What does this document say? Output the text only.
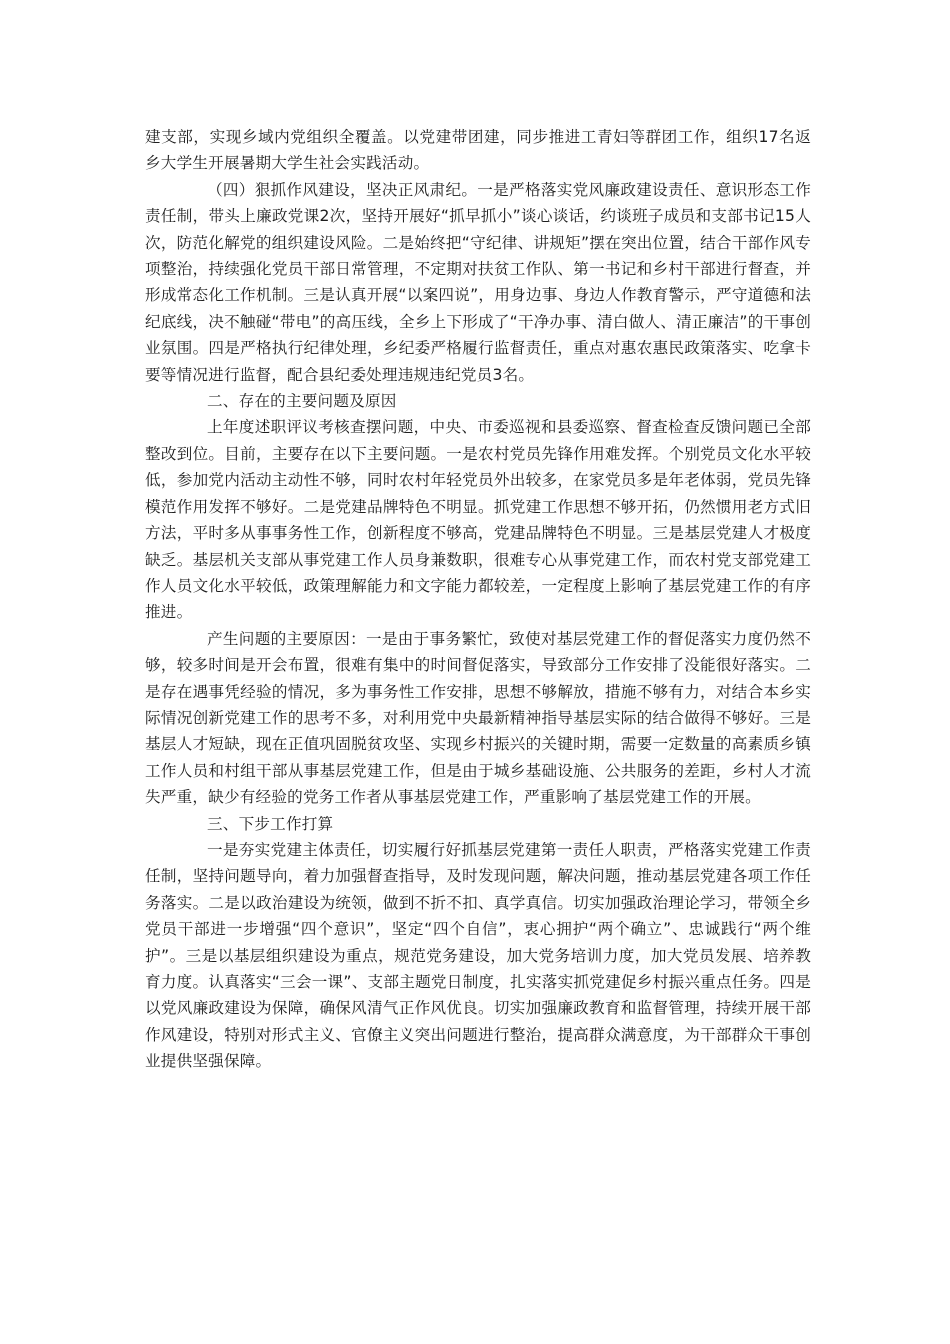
建支部，实现乡域内党组织全覆盖。以党建带团建，同步推进工青妇等群团工作，组织17名返乡大学生开展暑期大学生社会实践活动。

（四）狠抓作风建设，坚决正风肃纪。一是严格落实党风廉政建设责任、意识形态工作责任制，带头上廉政党课2次，坚持开展好“抓早抓小”谈心谈话，约谈班子成员和支部书记15人次，防范化解党的组织建设风险。二是始终把“守纪律、讲规矩”摆在突出位置，结合干部作风专项整治，持续强化党员干部日常管理，不定期对扶贫工作队、第一书记和乡村干部进行督查，并形成常态化工作机制。三是认真开展“以案四说”，用身边事、身边人作教育警示，严守道德和法纪底线，决不触碰“带电”的高压线，全乡上下形成了“干净办事、清白做人、清正廉洁”的干事创业氛围。四是严格执行纪律处理，乡纪委严格履行监督责任，重点对惠农惠民政策落实、吃拿卡要等情况进行监督，配合县纪委处理违规违纪党员3名。

二、存在的主要问题及原因

上年度述职评议考核查摆问题，中央、市委巡视和县委巡察、督查检查反馈问题已全部整改到位。目前，主要存在以下主要问题。一是农村党员先锋作用难发挥。个别党员文化水平较低，参加党内活动主动性不够，同时农村年轻党员外出较多，在家党员多是年老体弱，党员先锋模范作用发挥不够好。二是党建品牌特色不明显。抓党建工作思想不够开拓，仍然惯用老方式旧方法，平时多从事事务性工作，创新程度不够高，党建品牌特色不明显。三是基层党建人才极度缺乏。基层机关支部从事党建工作人员身兼数职，很难专心从事党建工作，而农村党支部党建工作人员文化水平较低，政策理解能力和文字能力都较差，一定程度上影响了基层党建工作的有序推进。

产生问题的主要原因：一是由于事务繁忙，致使对基层党建工作的督促落实力度仍然不够，较多时间是开会布置，很难有集中的时间督促落实，导致部分工作安排了没能很好落实。二是存在遇事凭经验的情况，多为事务性工作安排，思想不够解放，措施不够有力，对结合本乡实际情况创新党建工作的思考不多，对利用党中央最新精神指导基层实际的结合做得不够好。三是基层人才短缺，现在正值巩固脱贫攻坚、实现乡村振兴的关键时期，需要一定数量的高素质乡镇工作人员和村组干部从事基层党建工作，但是由于城乡基础设施、公共服务的差距，乡村人才流失严重，缺少有经验的党务工作者从事基层党建工作，严重影响了基层党建工作的开展。

三、下步工作打算

一是夯实党建主体责任，切实履行好抓基层党建第一责任人职责，严格落实党建工作责任制，坚持问题导向，着力加强督查指导，及时发现问题，解决问题，推动基层党建各项工作任务落实。二是以政治建设为统领，做到不折不扣、真学真信。切实加强政治理论学习，带领全乡党员干部进一步增强“四个意识”，坚定“四个自信”，衷心拥护“两个确立”、忠诚践行“两个维护”。三是以基层组织建设为重点，规范党务建设，加大党务培训力度，加大党员发展、培养教育力度。认真落实“三会一课”、支部主题党日制度，扎实落实抓党建促乡村振兴重点任务。四是以党风廉政建设为保障，确保风清气正作风优良。切实加强廉政教育和监督管理，持续开展干部作风建设，特别对形式主义、官僚主义突出问题进行整治，提高群众满意度，为干部群众干事创业提供坚强保障。
